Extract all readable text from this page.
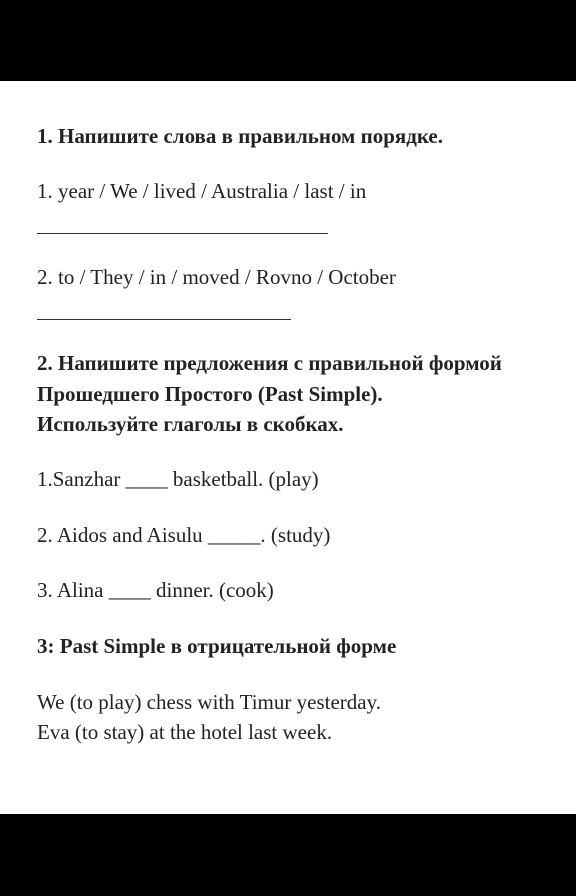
1. Напишите слова в правильном порядке.
1. year / We / lived / Australia / last / in
2. to / They / in / moved / Rovno / October
2. Напишите предложения с правильной формой
Прошедшего Простого (Past Simple).
Используйте глаголы в скобках.
1.Sanzhar ____ basketball. (play)
2. Aidos and Aisulu _____. (study)
3. Alina ____ dinner. (cook)
3: Past Simple в отрицательной форме
We (to play) chess with Timur yesterday.
Eva (to stay) at the hotel last week.
